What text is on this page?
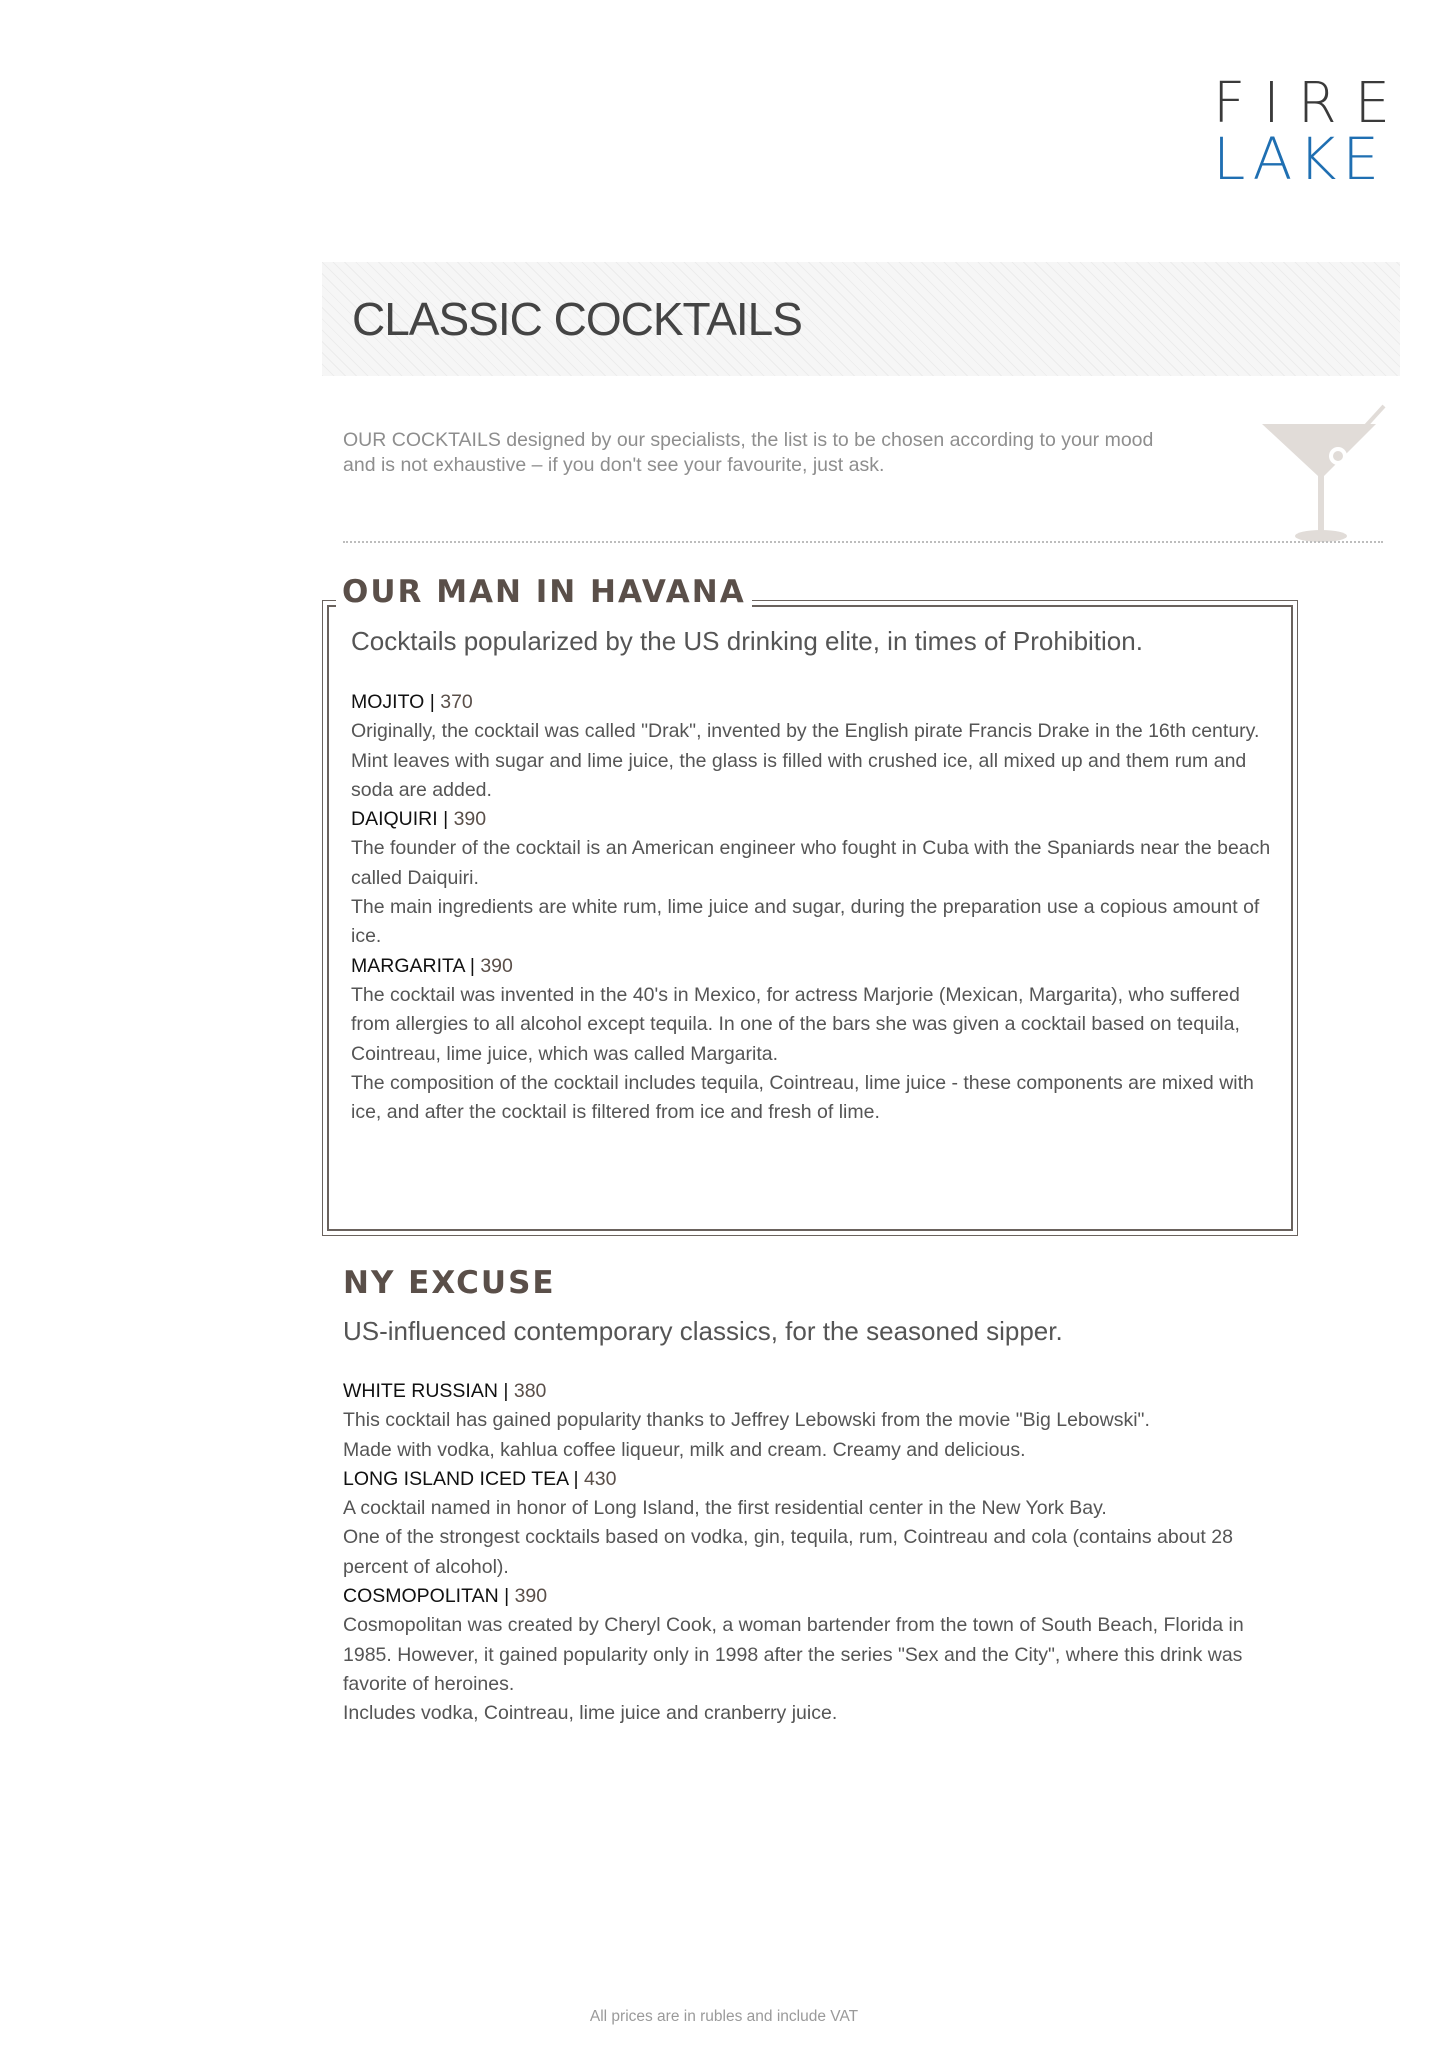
FIRE
LAKE
CLASSIC COCKTAILS
OUR COCKTAILS designed by our specialists, the list is to be chosen according to your mood and is not exhaustive – if you don't see your favourite, just ask.
OUR MAN IN HAVANA
Cocktails popularized by the US drinking elite, in times of Prohibition.
MOJITO | 370
Originally, the cocktail was called "Drak", invented by the English pirate Francis Drake in the 16th century.
Mint leaves with sugar and lime juice, the glass is filled with crushed ice, all mixed up and them rum and soda are added.
DAIQUIRI | 390
The founder of the cocktail is an American engineer who fought in Cuba with the Spaniards near the beach called Daiquiri.
The main ingredients are white rum, lime juice and sugar, during the preparation use a copious amount of ice.
MARGARITA | 390
The cocktail was invented in the 40's in Mexico, for actress Marjorie (Mexican, Margarita), who suffered from allergies to all alcohol except tequila. In one of the bars she was given a cocktail based on tequila, Cointreau, lime juice, which was called Margarita.
The composition of the cocktail includes tequila, Cointreau, lime juice - these components are mixed with ice, and after the cocktail is filtered from ice and fresh of lime.
NY EXCUSE
US-influenced contemporary classics, for the seasoned sipper.
WHITE RUSSIAN | 380
This cocktail has gained popularity thanks to Jeffrey Lebowski from the movie "Big Lebowski".
Made with vodka, kahlua coffee liqueur, milk and cream. Creamy and delicious.
LONG ISLAND ICED TEA | 430
A cocktail named in honor of Long Island, the first residential center in the New York Bay.
One of the strongest cocktails based on vodka, gin, tequila, rum, Cointreau and cola (contains about 28 percent of alcohol).
COSMOPOLITAN | 390
Cosmopolitan was created by Cheryl Cook, a woman bartender from the town of South Beach, Florida in 1985. However, it gained popularity only in 1998 after the series "Sex and the City", where this drink was favorite of heroines.
Includes vodka, Cointreau, lime juice and cranberry juice.
All prices are in rubles and include VAT
